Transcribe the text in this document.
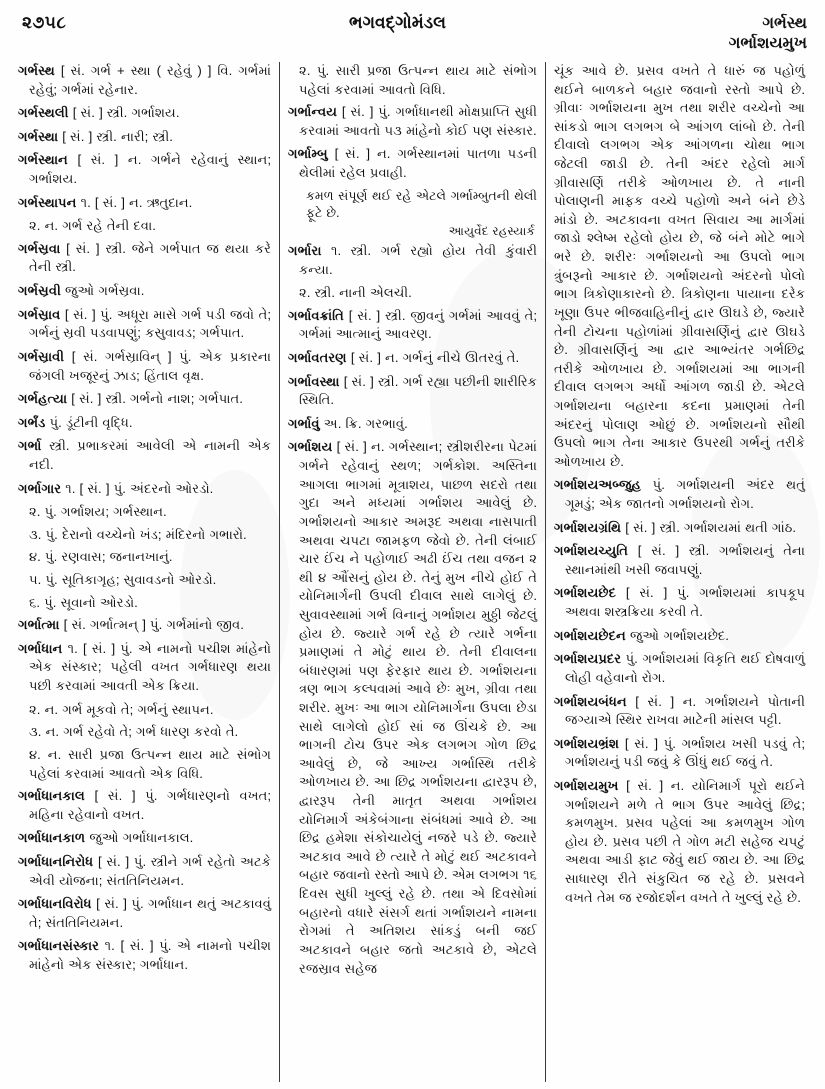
૨૭૫૮	ભગવદ્ગોમંડલ	ગર્ભસ્થ
ગર્ભાશયમુખ
ગર્ભસ્થ [ સં. ગર્ભ + સ્થા ( રહેવું ) ] વિ. ગર્ભમાં રહેવું; ગર્ભમાં રહેનાર.
ગર્ભસ્થલી [ સં. ] સ્ત્રી. ગર્ભાશય.
ગર્ભસ્થા [ સં. ] સ્ત્રી. નારી; સ્ત્રી.
ગર્ભસ્થાન [ સં. ] ન. ગર્ભને રહેવાનું સ્થાન; ગર્ભાશય.
ગર્ભસ્થાપન ૧. [ સં. ] ન. ઋતુદાન.
૨. ન. ગર્ભ રહે તેની દવા.
ગર્ભસ્રવા [ સં. ] સ્ત્રી. જેને ગર્ભપાત જ થયા કરે તેની સ્ત્રી.
ગર્ભસ્રવી જુઓ ગર્ભસ્રવા.
ગર્ભસ્રાવ [ સં. ] પું. અધૂરા માસે ગર્ભ પડી જવો તે; ગર્ભનું સ્રવી પડવાપણું; કસુવાવડ; ગર્ભપાત.
ગર્ભસ્રાવી [ સં. ગર્ભસ્રાવિન્ ] પું. એક પ્રકારના જંગલી ખજૂરનું ઝાડ; હિંતાલ વૃક્ષ.
ગર્ભહત્યા [ સં. ] સ્ત્રી. ગર્ભનો નાશ; ગર્ભપાત.
ગર્ભંડ પું. ડૂંટીની વૃદ્ધિ.
ગર્ભા સ્ત્રી. પ્રભાકરમાં આવેલી એ નામની એક નદી.
ગર્ભાગાર ૧. [ સં. ] પું. અંદરનો ઓરડો.
૨. પું. ગર્ભાશય; ગર્ભસ્થાન.
૩. પું. દેરાનો વચ્ચેનો ખંડ; મંદિરનો ગભારો.
૪. પું. રણવાસ; જનાનખાનું.
૫. પું. સૂતિકાગૃહ; સુવાવડનો ઓરડો.
૬. પું. સૂવાનો ઓરડો.
ગર્ભાત્મા [ સં. ગર્ભાત્મન્ ] પું. ગર્ભમાંનો જીવ.
ગર્ભાધાન ૧. [ સં. ] પું. એ નામનો પચીશ માંહેનો એક સંસ્કાર; પહેલી વખત ગર્ભધારણ થયા પછી કરવામાં આવતી એક ક્રિયા.
૨. ન. ગર્ભ મૂકવો તે; ગર્ભનું સ્થાપન.
૩. ન. ગર્ભ રહેવો તે; ગર્ભ ધારણ કરવો તે.
૪. ન. સારી પ્રજા ઉત્પન્ન થાય માટે સંભોગ પહેલાં કરવામાં આવતો એક વિધિ.
ગર્ભાધાનકાલ [ સં. ] પું. ગર્ભધારણનો વખત; મહિના રહેવાનો વખત.
ગર્ભાધાનકાળ જુઓ ગર્ભાધાનકાલ.
ગર્ભાધાનનિરોધ [ સં. ] પું. સ્ત્રીને ગર્ભ રહેતો અટકે એવી યોજના; સંતતિનિયમન.
ગર્ભાધાનવિરોધ [ સં. ] પું. ગર્ભાધાન થતું અટકાવવું તે; સંતતિનિયમન.
ગર્ભાધાનસંસ્કાર ૧. [ સં. ] પું. એ નામનો પચીશ માંહેનો એક સંસ્કાર; ગર્ભાધાન.
૨. પું. સારી પ્રજા ઉત્પન્ન થાય માટે સંભોગ પહેલાં કરવામાં આવતો વિધિ.
ગર્ભાન્વય [ સં. ] પું. ગર્ભાધાનથી મોક્ષપ્રાપ્તિ સુધી કરવામાં આવતો ૫૩ માંહેનો કોઈ પણ સંસ્કાર.
ગર્ભામ્બુ [ સં. ] ન. ગર્ભસ્થાનમાં પાતળા પડની થેલીમાં રહેલ પ્રવાહી.
કમળ સંપૂર્ણ થઈ રહે એટલે ગર્ભામ્બુતની થેલી ફૂટે છે.
આયુર્વેદ રહસ્યાર્ક
ગર્ભારા ૧. સ્ત્રી. ગર્ભ રહ્યો હોય તેવી કુંવારી કન્યા.
૨. સ્ત્રી. નાની એલચી.
ગર્ભાવક્રાંતિ [ સં. ] સ્ત્રી. જીવનું ગર્ભમાં આવવું તે; ગર્ભમાં આત્માનું આવરણ.
ગર્ભાવતરણ [ સં. ] ન. ગર્ભનું નીચે ઊતરવું તે.
ગર્ભાવસ્થા [ સં. ] સ્ત્રી. ગર્ભ રહ્યા પછીની શારીરિક સ્થિતિ.
ગર્ભાવું અ. ક્રિ. ગરભાવું.
ગર્ભાશય [ સં. ] ન. ગર્ભસ્થાન; સ્ત્રીશરીરના પેટમાં ગર્ભને રહેવાનું સ્થળ; ગર્ભકોશ. અસ્તિના આગલા ભાગમાં મૂત્રાશય, પાછળ સદરો તથા ગુદા અને મધ્યમાં ગર્ભાશય આવેલું છે. ગર્ભાશયનો આકાર અમરૂદ અથવા નાસપાતી અથવા ચપટા જામફળ જેવો છે. તેની લંબાઈ ચાર ઈંચ ને પહોળાઈ અઢી ઈંચ તથા વજન ૨ થી ૪ ઔંસનું હોય છે. તેનું મુખ નીચે હોઈ તે યોનિમાર્ગની ઉપલી દીવાલ સાથે લાગેલું છે. સુવાવસ્થામાં ગર્ભ વિનાનું ગર્ભાશય મુઠ્ઠી જેટલું હોય છે. જ્યારે ગર્ભ રહે છે ત્યારે ગર્ભના પ્રમાણમાં તે મોટું થાય છે. તેની દીવાલના બંધારણમાં પણ ફેરફાર થાય છે. ગર્ભાશયના ત્રણ ભાગ કલ્પવામાં આવે છેઃ મુખ, ગ્રીવા તથા શરીર. મુખઃ આ ભાગ યોનિમાર્ગના ઉપલા છેડા સાથે લાગેલો હોઈ સાં જ ઊંચકે છે. આ ભાગની ટોચ ઉપર એક લગભગ ગોળ છિદ્ર આવેલું છે, જે આખ્ય ગર્ભાસ્થિ તરીકે ઓળખાય છે. આ છિદ્ર ગર્ભાશયના દ્વારરૂપ છે, દ્વારરૂપ તેની માતૃત અથવા ગર્ભાશય યોનિમાર્ગ અંકેબંગાના સંબંધમાં આવે છે. આ છિદ્ર હમેશા સંકોચાયેલું નજરે પડે છે. જ્યારે અટકાવ આવે છે ત્યારે તે મોટું થઈ અટકાવને બહાર જવાનો રસ્તો આપે છે. એમ લગભગ ૧૬ દિવસ સુધી ખુલ્લું રહે છે. તથા એ દિવસોમાં બહારનો વધારે સંસર્ગ થતાં ગર્ભાશયને નામના રોગમાં તે અતિશય સાંકડું બની જઈ અટકાવને બહાર જતો અટકાવે છે, એટલે રજસ્રાવ સહેજ
ચૂંક આવે છે. પ્રસવ વખતે તે ધારું જ પહોળું થઈને બાળકને બહાર જવાનો રસ્તો આપે છે. ગ્રીવાઃ ગર્ભાશયના મુખ તથા શરીર વચ્ચેનો આ સાંકડો ભાગ લગભગ બે આંગળ લાંબો છે. તેની દીવાલો લગભગ એક આંગળના ચોથા ભાગ જેટલી જાડી છે. તેની અંદર રહેલો માર્ગ ગ્રીવાસર્ણિ તરીકે ઓળખાય છે. તે નાની પોલાણની માફક વચ્ચે પહોળો અને બંને છેડે માંડો છે. અટકાવના વખત સિવાય આ માર્ગમાં જાડો શ્લેષ્મ રહેલો હોય છે, જે બંને મોટે ભાગે ભરે છે. શરીરઃ ગર્ભાશયનો આ ઉપલો ભાગ ત્રુંબરૂનો આકાર છે. ગર્ભાશયનો અંદરનો પોલો ભાગ ત્રિકોણાકારનો છે. ત્રિકોણના પાયાના દરેક ખૂણા ઉપર ભીજવાહિનીનું દ્વાર ઊઘડે છે, જ્યારે તેની ટોચના પહોળાંમાં ગ્રીવાસર્ણિનું દ્વાર ઊઘડે છે. ગ્રીવાસર્ણિનું આ દ્વાર આભ્યંતર ગર્ભછિદ્ર તરીકે ઓળખાય છે. ગર્ભાશયમાં આ ભાગની દીવાલ લગભગ અર્ધો આંગળ જાડી છે. એટલે ગર્ભાશયના બહારના કદના પ્રમાણમાં તેની અંદરનું પોલાણ ઓછું છે. ગર્ભાશયનો સૌથી ઉપલો ભાગ તેના આકાર ઉપરથી ગર્ભનું તરીકે ઓળખાય છે.
ગર્ભાશયઅબ્જુહ પું. ગર્ભાશયની અંદર થતું ગૂમડું; એક જાતનો ગર્ભાશયનો રોગ.
ગર્ભાશયગ્રંથિ [ સં. ] સ્ત્રી. ગર્ભાશયમાં થતી ગાંઠ.
ગર્ભાશયચ્યુતિ [ સં. ] સ્ત્રી. ગર્ભાશયનું તેના સ્થાનમાંથી ખસી જવાપણું.
ગર્ભાશયછેદ [ સં. ] પું. ગર્ભાશયમાં કાપકૂપ અથવા શસ્ત્રક્રિયા કરવી તે.
ગર્ભાશયછેદન જુઓ ગર્ભાશયછેદ.
ગર્ભાશયપ્રદર પું. ગર્ભાશયમાં વિકૃતિ થઈ દોષવાળું લોહી વહેવાનો રોગ.
ગર્ભાશયબંધન [ સં. ] ન. ગર્ભાશયને પોતાની જગ્યાએ સ્થિર રાખવા માટેની માંસલ પટ્ટી.
ગર્ભાશયભ્રંશ [ સં. ] પું. ગર્ભાશય ખસી પડવું તે; ગર્ભાશયનું પડી જવું કે ઊંધું થઈ જવું તે.
ગર્ભાશયમુખ [ સં. ] ન. યોનિમાર્ગ પૂરો થઈને ગર્ભાશયને મળે તે ભાગ ઉપર આવેલું છિદ્ર; કમળમુખ. પ્રસવ પહેલાં આ કમળમુખ ગોળ હોય છે. પ્રસવ પછી તે ગોળ મટી સહેજ ચપટું અથવા આડી ફાટ જેવું થઈ જાય છે. આ છિદ્ર સાધારણ રીતે સંકુચિત જ રહે છે. પ્રસવને વખતે તેમ જ રજોદર્શન વખતે તે ખુલ્લું રહે છે.
